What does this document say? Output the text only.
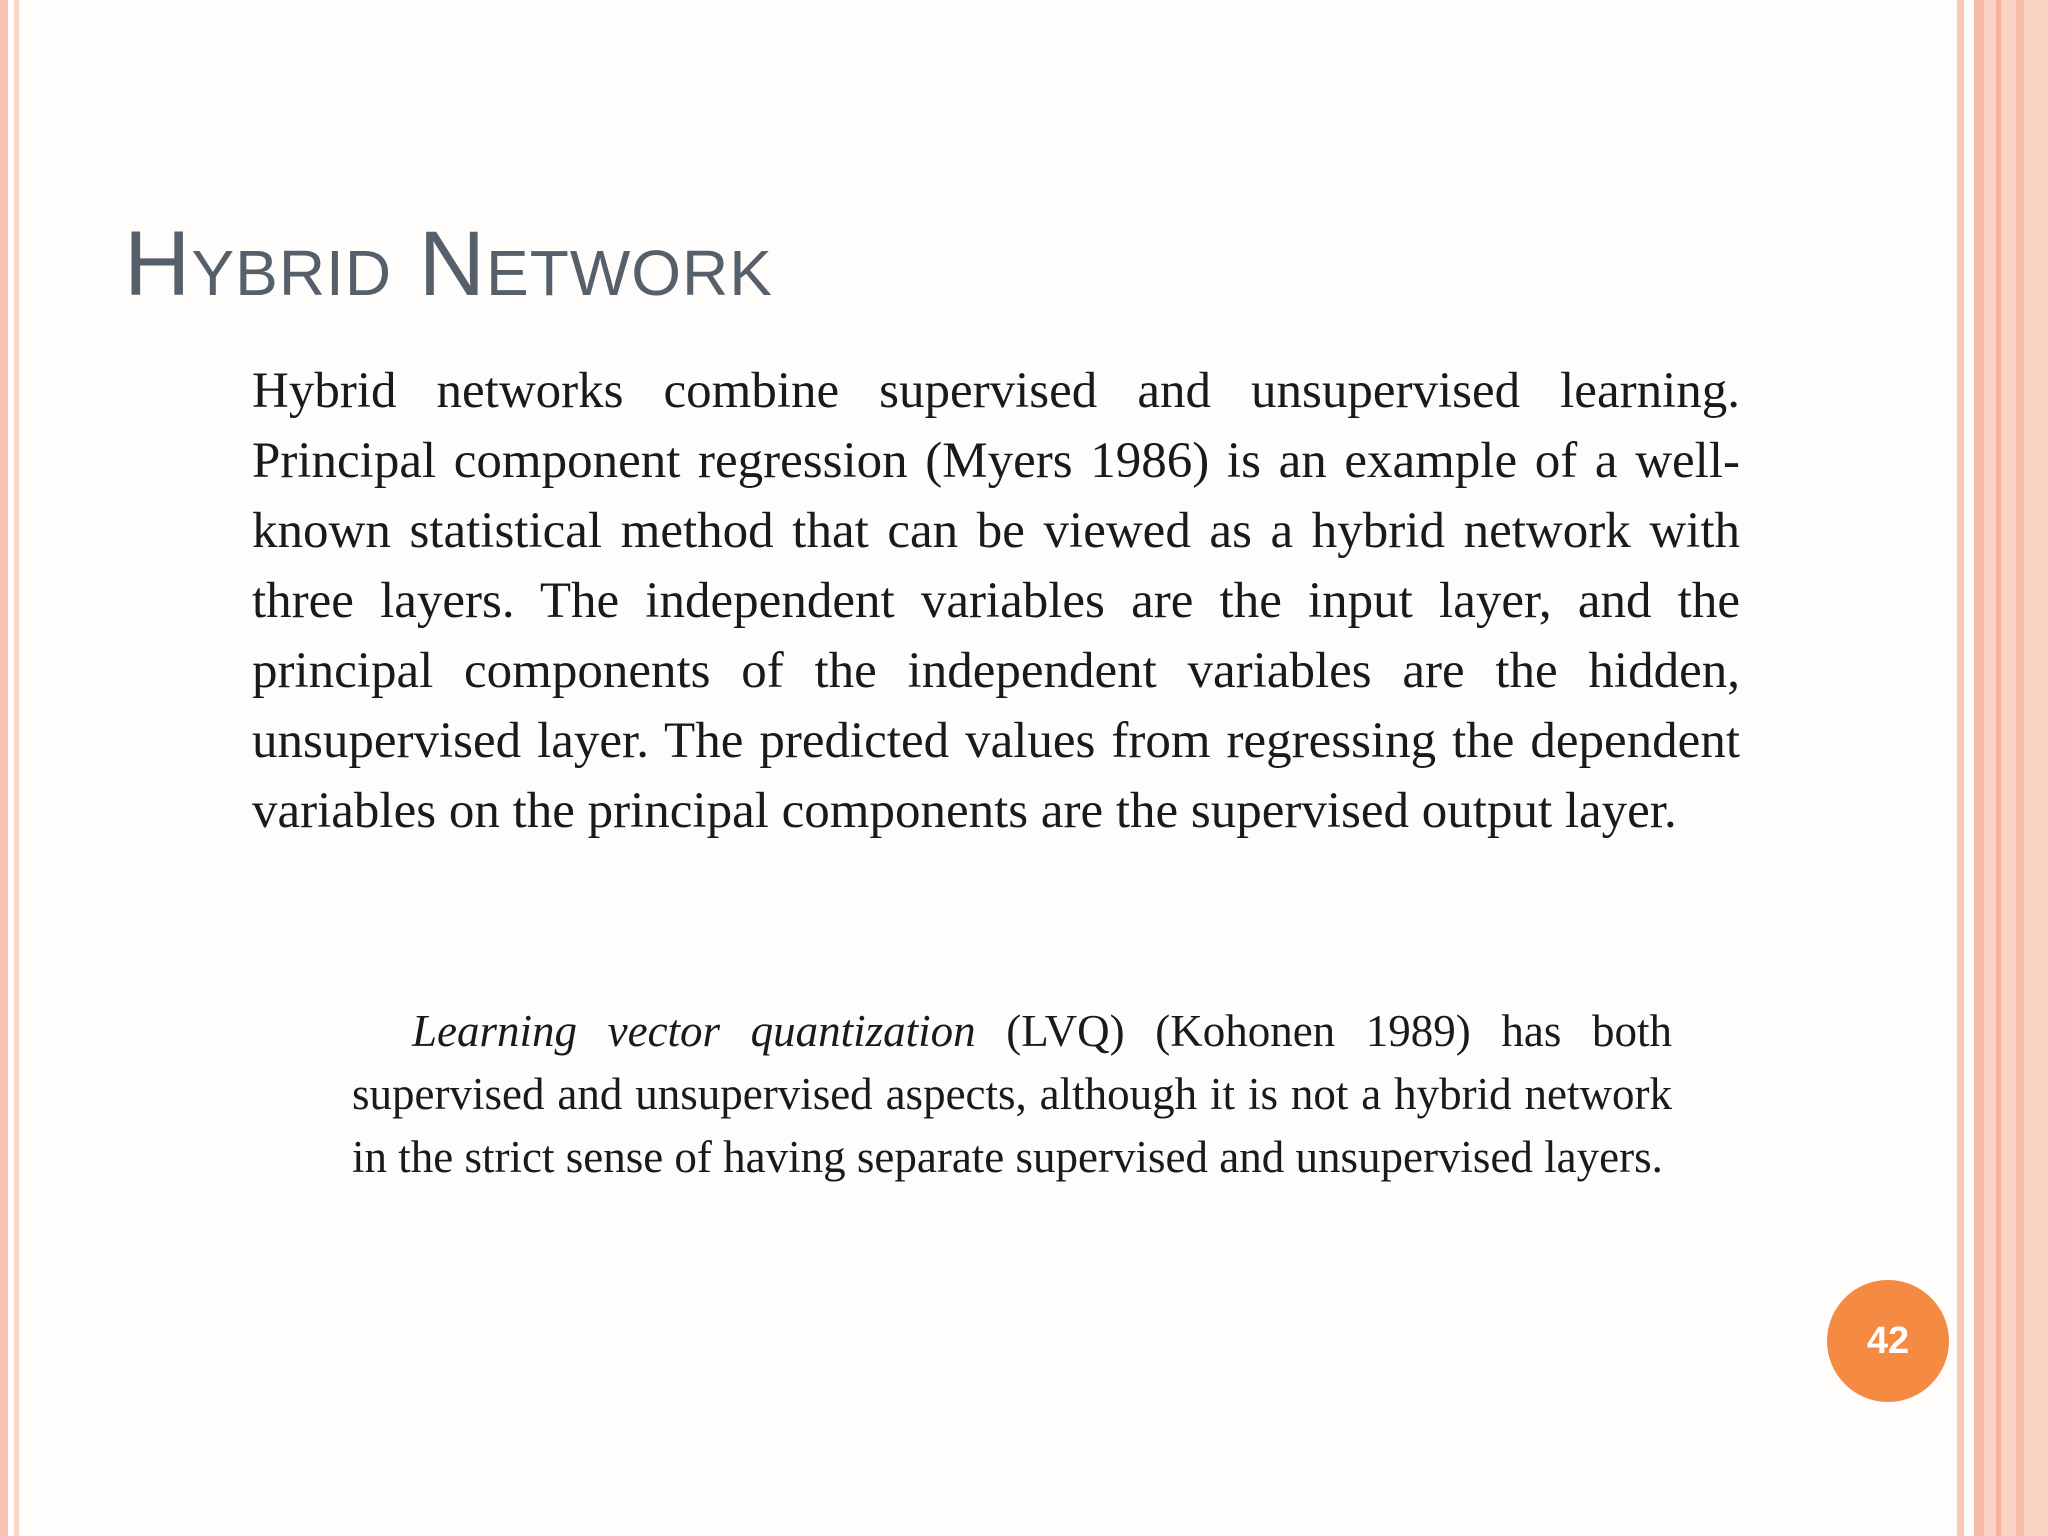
Hybrid Network

Hybrid networks combine supervised and unsupervised learning. Principal component regression (Myers 1986) is an example of a well-known statistical method that can be viewed as a hybrid network with three layers. The independent variables are the input layer, and the principal components of the independent variables are the hidden, unsupervised layer. The predicted values from regressing the dependent variables on the principal components are the supervised output layer.

Learning vector quantization (LVQ) (Kohonen 1989) has both supervised and unsupervised aspects, although it is not a hybrid network in the strict sense of having separate supervised and unsupervised layers.

42
